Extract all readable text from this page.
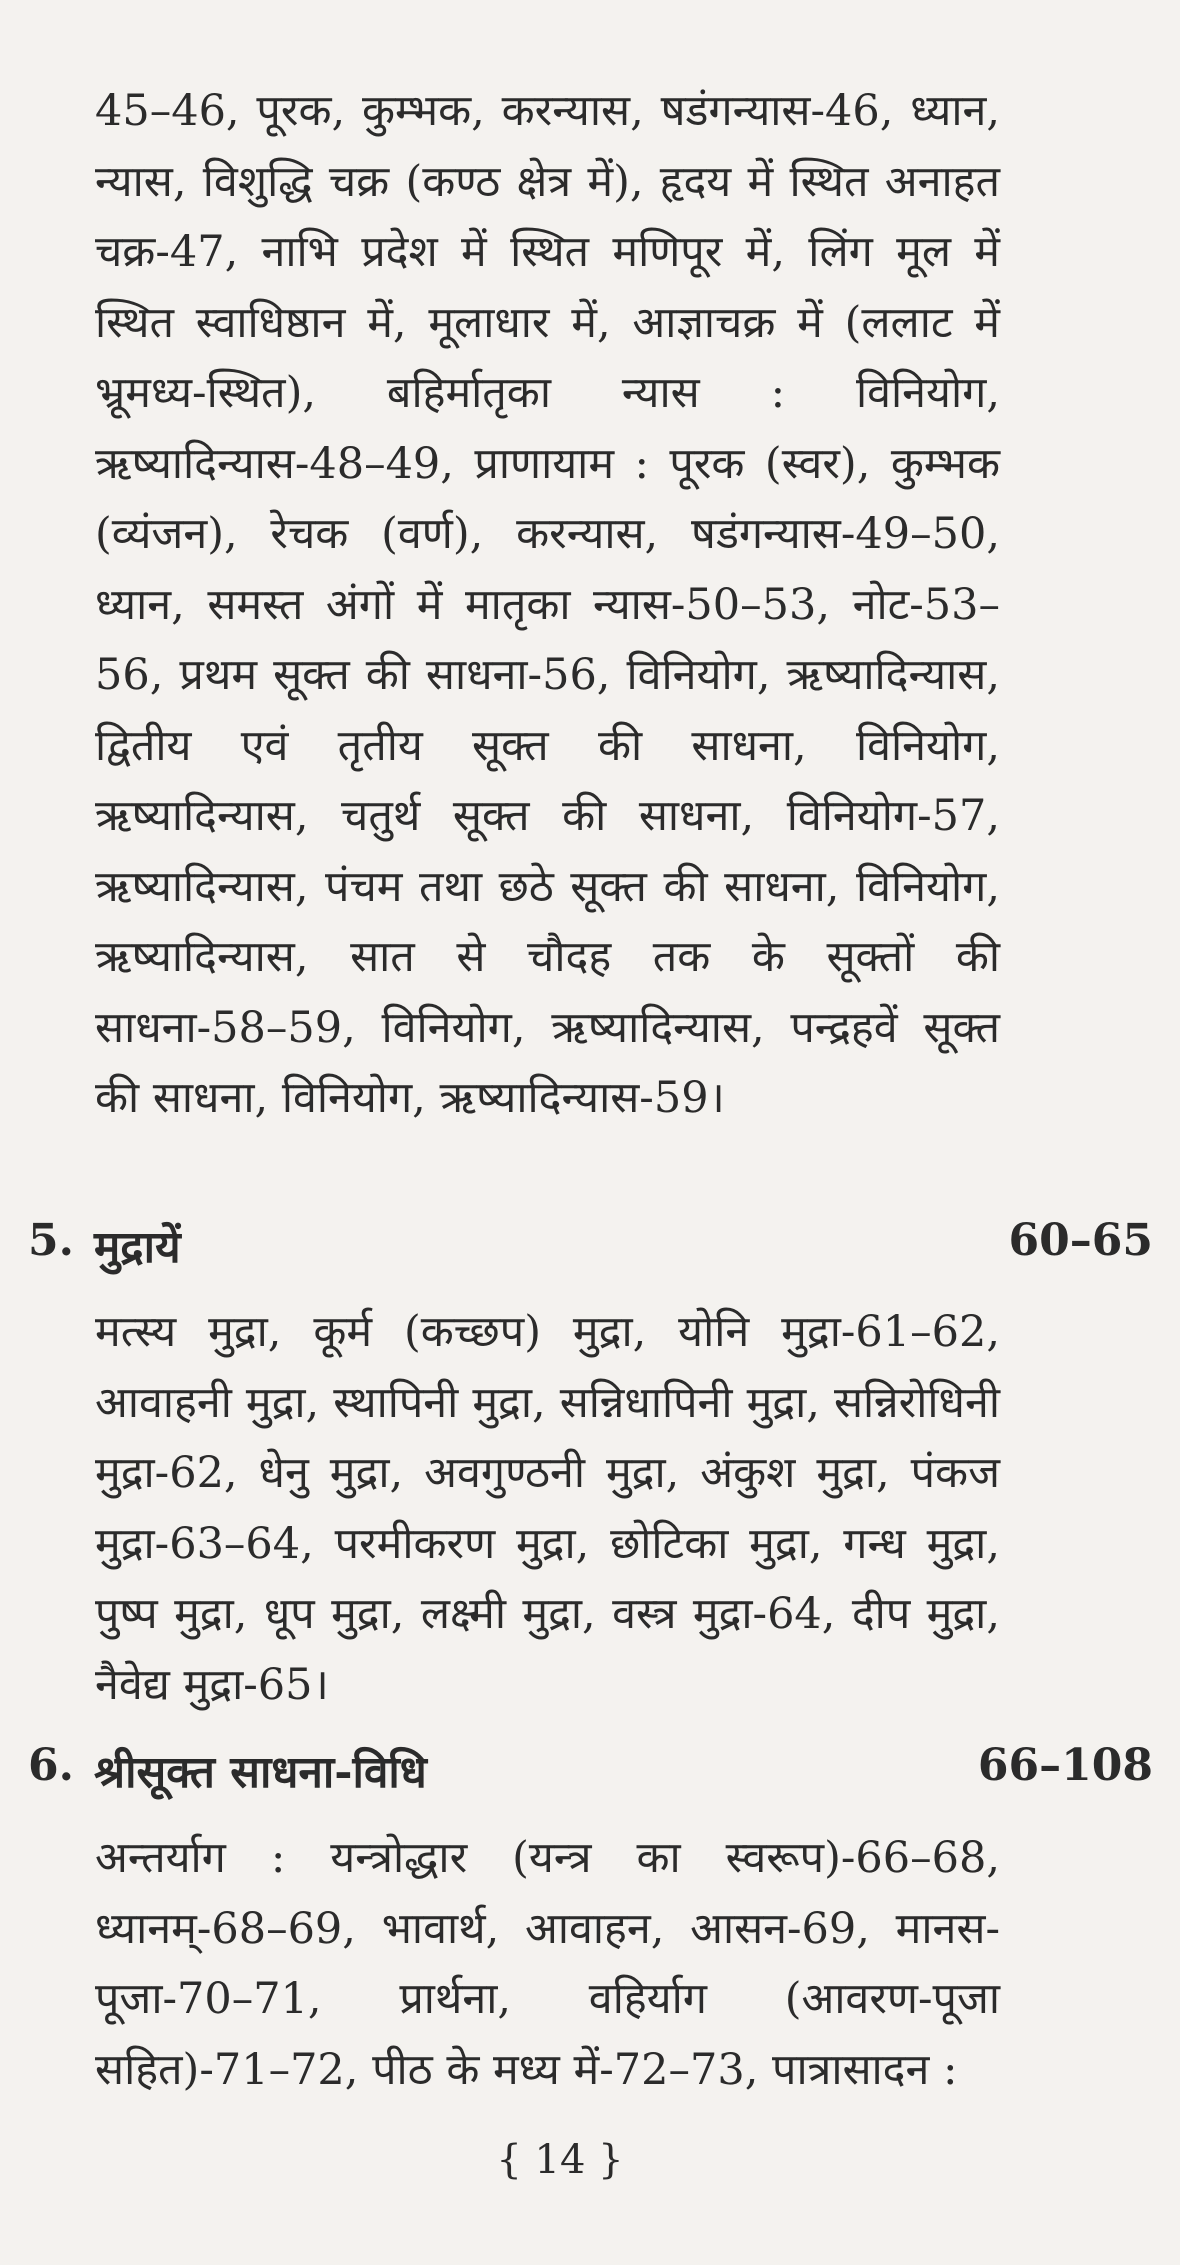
45–46, पूरक, कुम्भक, करन्यास, षडंगन्यास-46, ध्यान, न्यास, विशुद्धि चक्र (कण्ठ क्षेत्र में), हृदय में स्थित अनाहत चक्र-47, नाभि प्रदेश में स्थित मणिपूर में, लिंग मूल में स्थित स्वाधिष्ठान में, मूलाधार में, आज्ञाचक्र में (ललाट में भ्रूमध्य-स्थित), बहिर्मातृका न्यास : विनियोग, ऋष्यादिन्यास-48–49, प्राणायाम : पूरक (स्वर), कुम्भक (व्यंजन), रेचक (वर्ण), करन्यास, षडंगन्यास-49–50, ध्यान, समस्त अंगों में मातृका न्यास-50–53, नोट-53–56, प्रथम सूक्त की साधना-56, विनियोग, ऋष्यादिन्यास, द्वितीय एवं तृतीय सूक्त की साधना, विनियोग, ऋष्यादिन्यास, चतुर्थ सूक्त की साधना, विनियोग-57, ऋष्यादिन्यास, पंचम तथा छठे सूक्त की साधना, विनियोग, ऋष्यादिन्यास, सात से चौदह तक के सूक्तों की साधना-58–59, विनियोग, ऋष्यादिन्यास, पन्द्रहवें सूक्त की साधना, विनियोग, ऋष्यादिन्यास-59।

5. मुद्रायें	60–65

मत्स्य मुद्रा, कूर्म (कच्छप) मुद्रा, योनि मुद्रा-61–62, आवाहनी मुद्रा, स्थापिनी मुद्रा, सन्निधापिनी मुद्रा, सन्निरोधिनी मुद्रा-62, धेनु मुद्रा, अवगुण्ठनी मुद्रा, अंकुश मुद्रा, पंकज मुद्रा-63–64, परमीकरण मुद्रा, छोटिका मुद्रा, गन्ध मुद्रा, पुष्प मुद्रा, धूप मुद्रा, लक्ष्मी मुद्रा, वस्त्र मुद्रा-64, दीप मुद्रा, नैवेद्य मुद्रा-65।

6. श्रीसूक्त साधना-विधि	66–108

अन्तर्याग : यन्त्रोद्धार (यन्त्र का स्वरूप)-66–68, ध्यानम्-68–69, भावार्थ, आवाहन, आसन-69, मानस-पूजा-70–71, प्रार्थना, वहिर्याग (आवरण-पूजा सहित)-71–72, पीठ के मध्य में-72–73, पात्रासादन :

{ 14 }
